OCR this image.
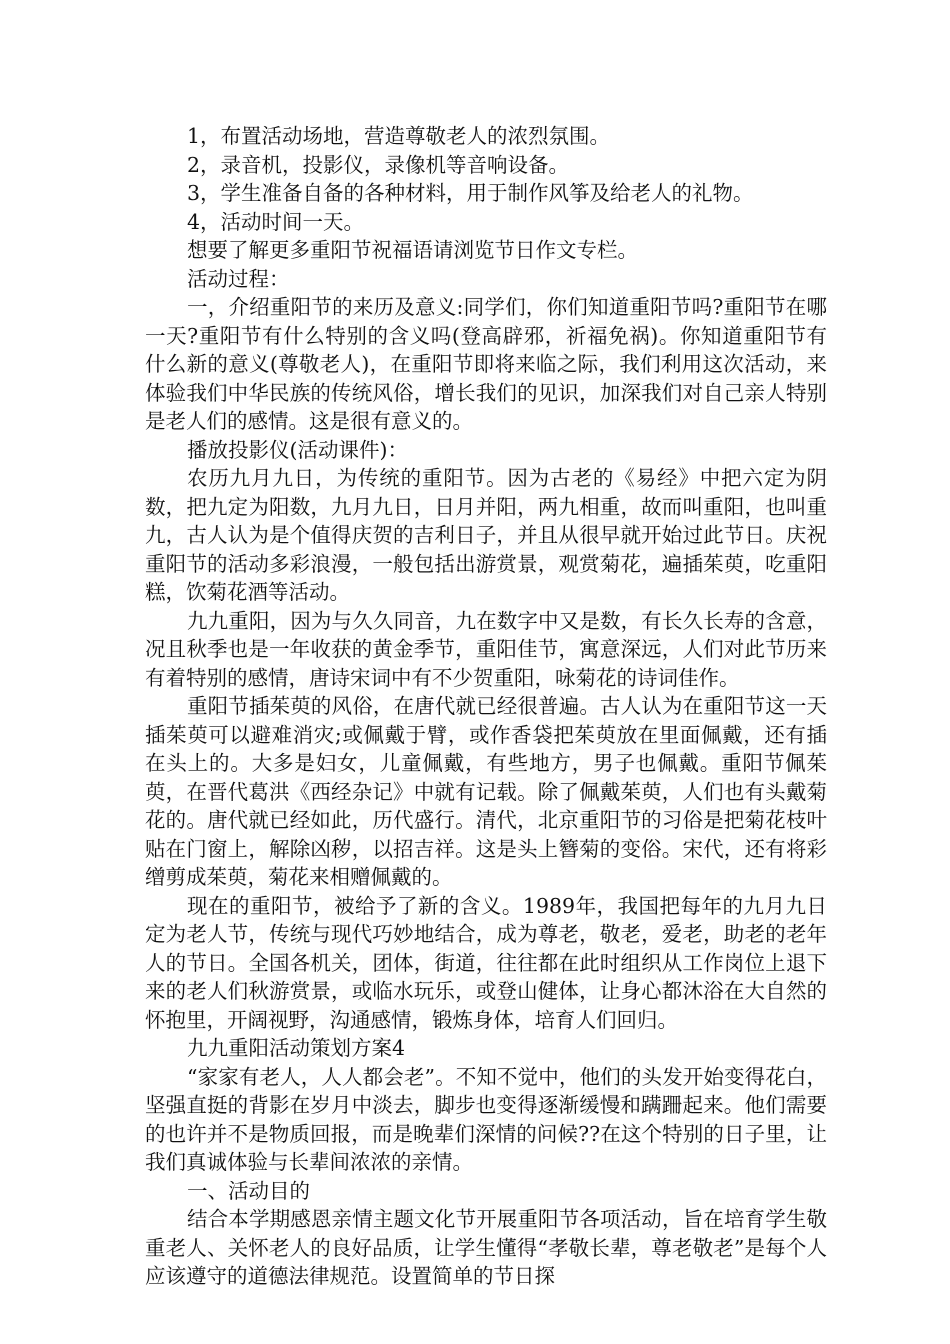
1，布置活动场地，营造尊敬老人的浓烈氛围。

2，录音机，投影仪，录像机等音响设备。

3，学生准备自备的各种材料，用于制作风筝及给老人的礼物。

4，活动时间一天。

想要了解更多重阳节祝福语请浏览节日作文专栏。

活动过程：

一，介绍重阳节的来历及意义:同学们，你们知道重阳节吗?重阳节在哪一天?重阳节有什么特别的含义吗(登高辟邪，祈福免祸)。你知道重阳节有什么新的意义(尊敬老人)，在重阳节即将来临之际，我们利用这次活动，来体验我们中华民族的传统风俗，增长我们的见识，加深我们对自己亲人特别是老人们的感情。这是很有意义的。

播放投影仪(活动课件)：

农历九月九日，为传统的重阳节。因为古老的《易经》中把六定为阴数，把九定为阳数，九月九日，日月并阳，两九相重，故而叫重阳，也叫重九，古人认为是个值得庆贺的吉利日子，并且从很早就开始过此节日。庆祝重阳节的活动多彩浪漫，一般包括出游赏景，观赏菊花，遍插茱萸，吃重阳糕，饮菊花酒等活动。

九九重阳，因为与久久同音，九在数字中又是数，有长久长寿的含意，况且秋季也是一年收获的黄金季节，重阳佳节，寓意深远，人们对此节历来有着特别的感情，唐诗宋词中有不少贺重阳，咏菊花的诗词佳作。

重阳节插茱萸的风俗，在唐代就已经很普遍。古人认为在重阳节这一天插茱萸可以避难消灾;或佩戴于臂，或作香袋把茱萸放在里面佩戴，还有插在头上的。大多是妇女，儿童佩戴，有些地方，男子也佩戴。重阳节佩茱萸，在晋代葛洪《西经杂记》中就有记载。除了佩戴茱萸，人们也有头戴菊花的。唐代就已经如此，历代盛行。清代，北京重阳节的习俗是把菊花枝叶贴在门窗上，解除凶秽，以招吉祥。这是头上簪菊的变俗。宋代，还有将彩缯剪成茱萸，菊花来相赠佩戴的。

现在的重阳节，被给予了新的含义。1989年，我国把每年的九月九日定为老人节，传统与现代巧妙地结合，成为尊老，敬老，爱老，助老的老年人的节日。全国各机关，团体，街道，往往都在此时组织从工作岗位上退下来的老人们秋游赏景，或临水玩乐，或登山健体，让身心都沐浴在大自然的怀抱里，开阔视野，沟通感情，锻炼身体，培育人们回归。

九九重阳活动策划方案4

“家家有老人，人人都会老”。不知不觉中，他们的头发开始变得花白，坚强直挺的背影在岁月中淡去，脚步也变得逐渐缓慢和蹒跚起来。他们需要的也许并不是物质回报，而是晚辈们深情的问候??在这个特别的日子里，让我们真诚体验与长辈间浓浓的亲情。

一、活动目的

结合本学期感恩亲情主题文化节开展重阳节各项活动，旨在培育学生敬重老人、关怀老人的良好品质，让学生懂得“孝敬长辈，尊老敬老”是每个人应该遵守的道德法律规范。设置简单的节日探
